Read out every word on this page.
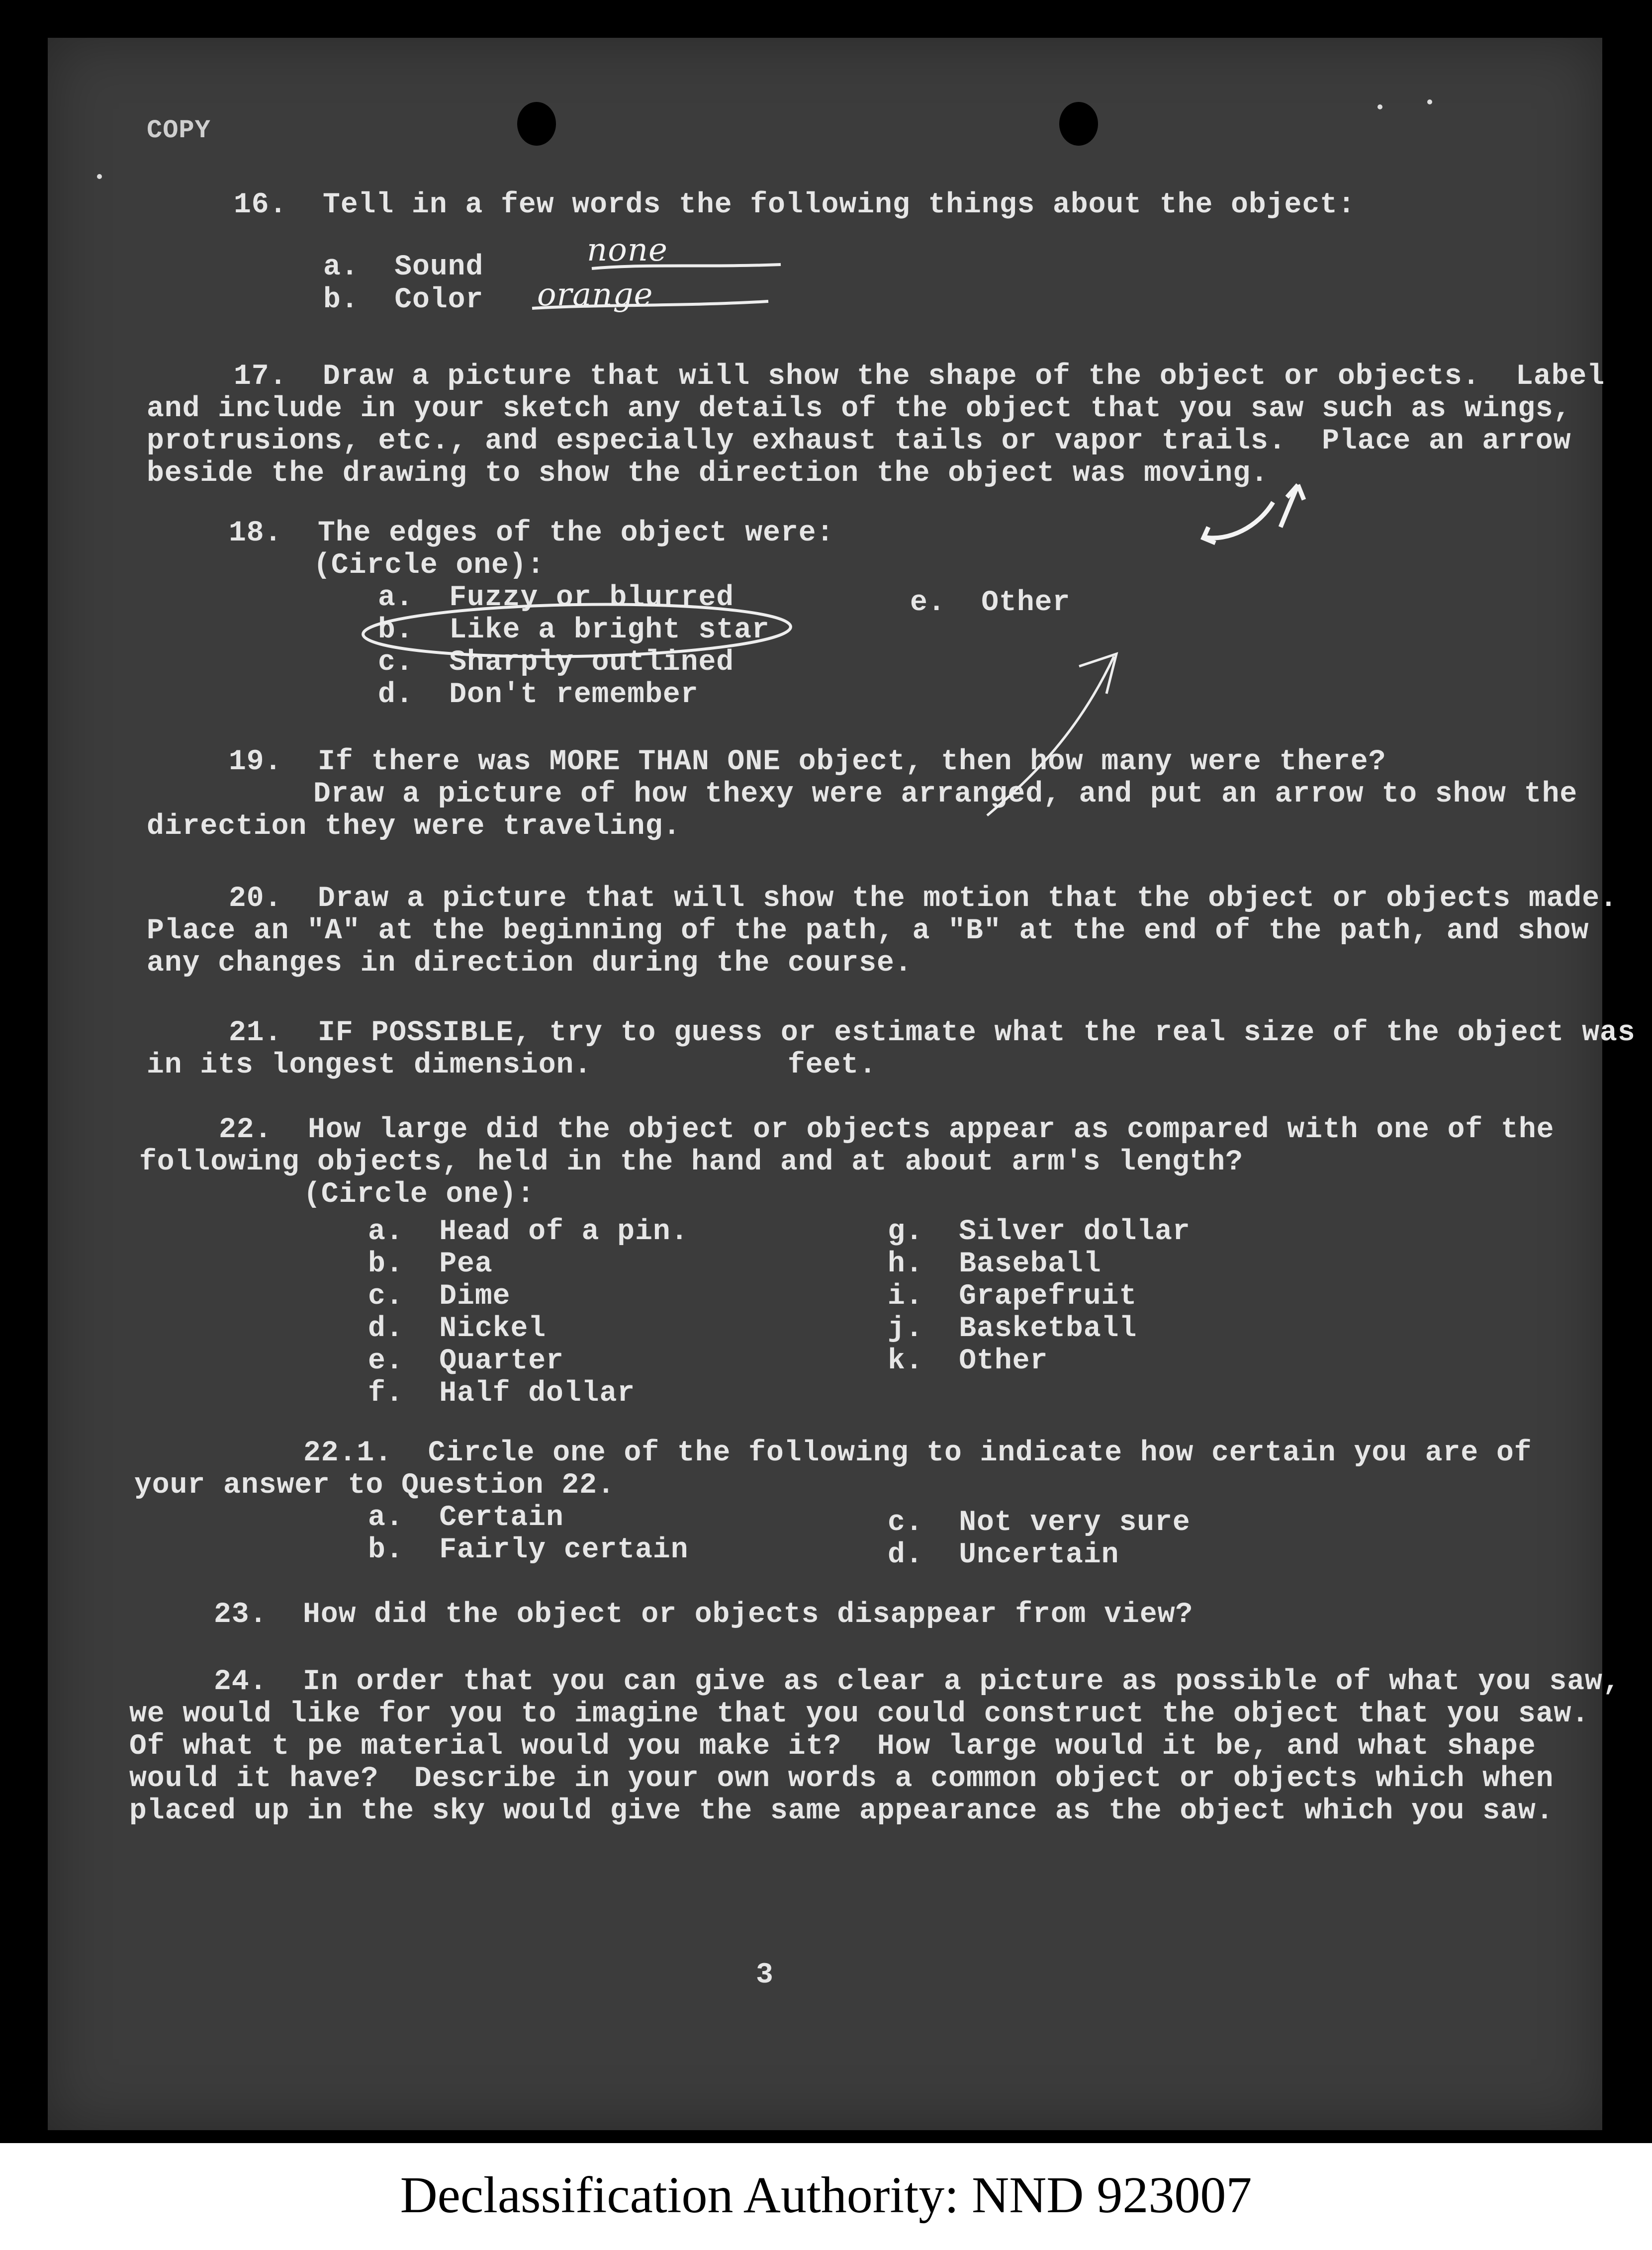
COPY
16.  Tell in a few words the following things about the object:
a.  Sound
b.  Color
none
orange
17.  Draw a picture that will show the shape of the object or objects.  Label
and include in your sketch any details of the object that you saw such as wings,
protrusions, etc., and especially exhaust tails or vapor trails.  Place an arrow
beside the drawing to show the direction the object was moving.
18.  The edges of the object were:
(Circle one):
a.  Fuzzy or blurred
b.  Like a bright star
c.  Sharply outlined
d.  Don't remember
e.  Other
19.  If there was MORE THAN ONE object, then how many were there?
Draw a picture of how thexy were arranged, and put an arrow to show the
direction they were traveling.
20.  Draw a picture that will show the motion that the object or objects made.
Place an "A" at the beginning of the path, a "B" at the end of the path, and show
any changes in direction during the course.
21.  IF POSSIBLE, try to guess or estimate what the real size of the object was
in its longest dimension.           feet.
22.  How large did the object or objects appear as compared with one of the
following objects, held in the hand and at about arm's length?
(Circle one):
a.  Head of a pin.
b.  Pea
c.  Dime
d.  Nickel
e.  Quarter
f.  Half dollar
g.  Silver dollar
h.  Baseball
i.  Grapefruit
j.  Basketball
k.  Other
22.1.  Circle one of the following to indicate how certain you are of
your answer to Question 22.
a.  Certain
b.  Fairly certain
c.  Not very sure
d.  Uncertain
23.  How did the object or objects disappear from view?
24.  In order that you can give as clear a picture as possible of what you saw,
we would like for you to imagine that you could construct the object that you saw.
Of what t pe material would you make it?  How large would it be, and what shape
would it have?  Describe in your own words a common object or objects which when
placed up in the sky would give the same appearance as the object which you saw.
3
Declassification Authority: NND 923007
